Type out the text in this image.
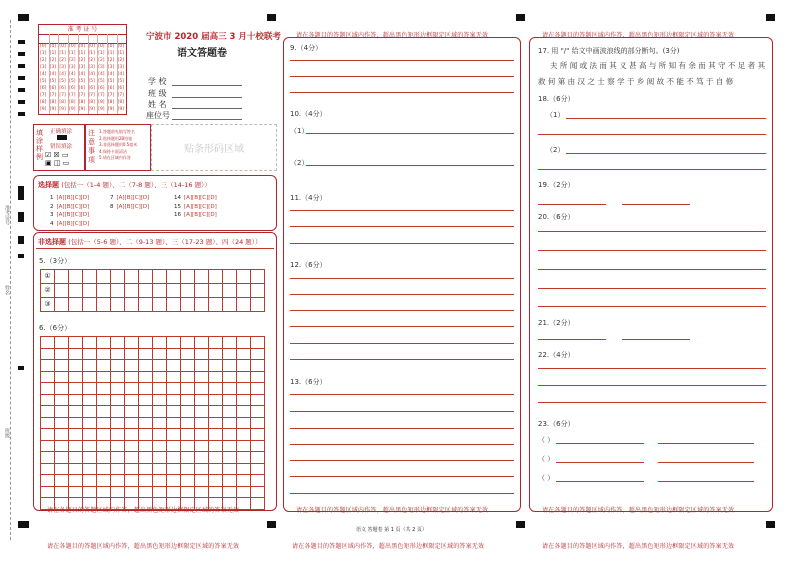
准考证号
姓名
班级
准 考 证 号
[0] [0] [0] [0] [0] [0] [0] [0] [0]
[1] [1] [1] [1] [1] [1] [1] [1] [1]
[2] [2] [2] [2] [2] [2] [2] [2] [2]
[3] [3] [3] [3] [3] [3] [3] [3] [3]
[4] [4] [4] [4] [4] [4] [4] [4] [4]
[5] [5] [5] [5] [5] [5] [5] [5] [5]
[6] [6] [6] [6] [6] [6] [6] [6] [6]
[7] [7] [7] [7] [7] [7] [7] [7] [7]
[8] [8] [8] [8] [8] [8] [8] [8] [8]
[9] [9] [9] [9] [9] [9] [9] [9] [9]
宁波市 2020 届高三 3 月十校联考
语文答题卷
学 校
班 级
姓 名
座位号
填涂样例
正确填涂
错误填涂
☑ ☒ ▭
▣ ◫ ▭
注意事项
1.答题前先填写姓名
2.选择题用2B铅笔
3.非选择题用0.5毫米
4.保持卡面清洁
5.请在区域内作答
贴条形码区域
选择题 (包括一（1-4 题）、二（7-8 题）、三（14-16 题））
1 [A][B][C][D]
2 [A][B][C][D]
3 [A][B][C][D]
4 [A][B][C][D]
7 [A][B][C][D]
8 [A][B][C][D]
14 [A][B][C][D]
15 [A][B][C][D]
16 [A][B][C][D]
非选择题 (包括一（5-6 题）、二（9-13 题）、三（17-23 题）、四（24 题））
5.（3分）
①
②
③
6.（6分）
请在各题目的答题区域内作答，超出黑色矩形边框限定区域的答案无效
9.（4分）
10.（4分）
（1）
（2）
11.（4分）
12.（6分）
13.（6分）
请在各题目的答题区域内作答，超出黑色矩形边框限定区域的答案无效
请在各题目的答题区域内作答，超出黑色矩形边框限定区域的答案无效
17. 用 "/" 给文中画波浪线的部分断句。(3分)
夫 所 闻 或 法 而 其 义 甚 高 与 所 知 有 余 而 其 守 不 足 者 其
救 何 第 由 汉 之 士 察 学 于 乡 阅 故 不 能 不 笃 于 自 修
18.（6分）
（1）
（2）
19.（2分）
20.（6分）
21.（2分）
22.（4分）
23.（6分）
（ ）
（ ）
（ ）
请在各题目的答题区域内作答，超出黑色矩形边框限定区域的答案无效
请在各题目的答题区域内作答，超出黑色矩形边框限定区域的答案无效
请在各题目的答题区域内作答，超出黑色矩形边框限定区域的答案无效	请在各题目的答题区域内作答，超出黑色矩形边框限定区域的答案无效	请在各题目的答题区域内作答，超出黑色矩形边框限定区域的答案无效
语文 答题卷 第 1 页（共 2 页）
